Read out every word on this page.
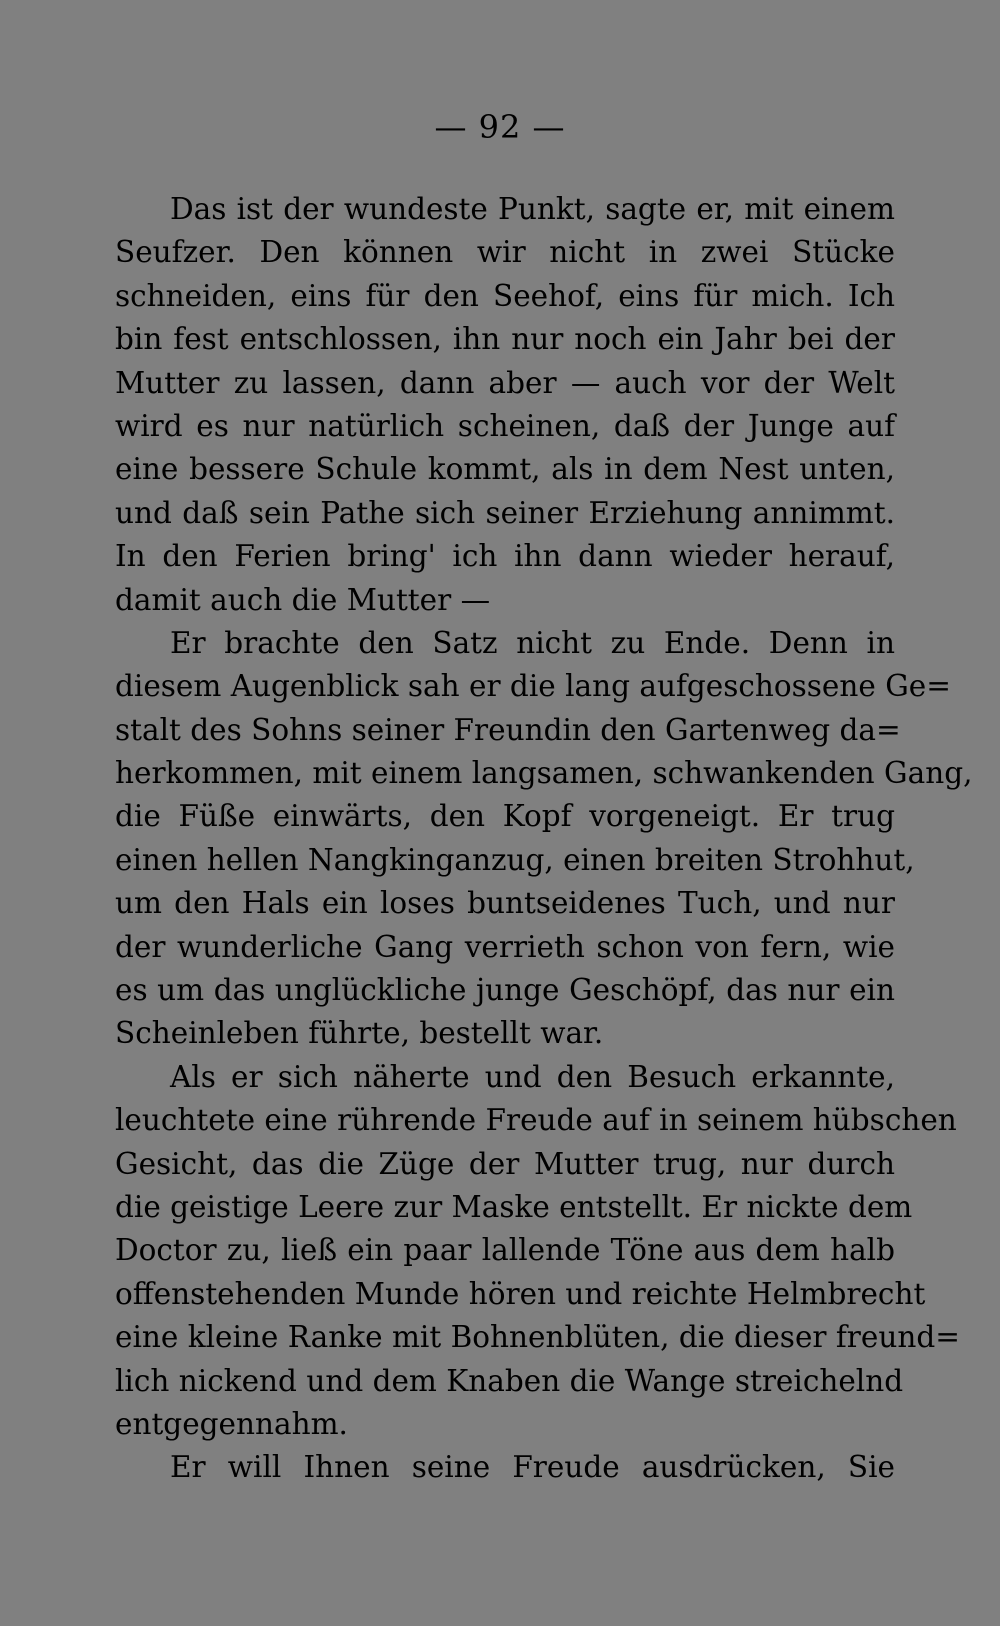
— 92 —
Das ist der wundeste Punkt, sagte er, mit einem
Seufzer. Den können wir nicht in zwei Stücke
schneiden, eins für den Seehof, eins für mich. Ich
bin fest entschlossen, ihn nur noch ein Jahr bei der
Mutter zu lassen, dann aber — auch vor der Welt
wird es nur natürlich scheinen, daß der Junge auf
eine bessere Schule kommt, als in dem Nest unten,
und daß sein Pathe sich seiner Erziehung annimmt.
In den Ferien bring' ich ihn dann wieder herauf,
damit auch die Mutter —
Er brachte den Satz nicht zu Ende. Denn in
diesem Augenblick sah er die lang aufgeschossene Ge=
stalt des Sohns seiner Freundin den Gartenweg da=
herkommen, mit einem langsamen, schwankenden Gang,
die Füße einwärts, den Kopf vorgeneigt. Er trug
einen hellen Nangkinganzug, einen breiten Strohhut,
um den Hals ein loses buntseidenes Tuch, und nur
der wunderliche Gang verrieth schon von fern, wie
es um das unglückliche junge Geschöpf, das nur ein
Scheinleben führte, bestellt war.
Als er sich näherte und den Besuch erkannte,
leuchtete eine rührende Freude auf in seinem hübschen
Gesicht, das die Züge der Mutter trug, nur durch
die geistige Leere zur Maske entstellt. Er nickte dem
Doctor zu, ließ ein paar lallende Töne aus dem halb
offenstehenden Munde hören und reichte Helmbrecht
eine kleine Ranke mit Bohnenblüten, die dieser freund=
lich nickend und dem Knaben die Wange streichelnd
entgegennahm.
Er will Ihnen seine Freude ausdrücken, Sie
